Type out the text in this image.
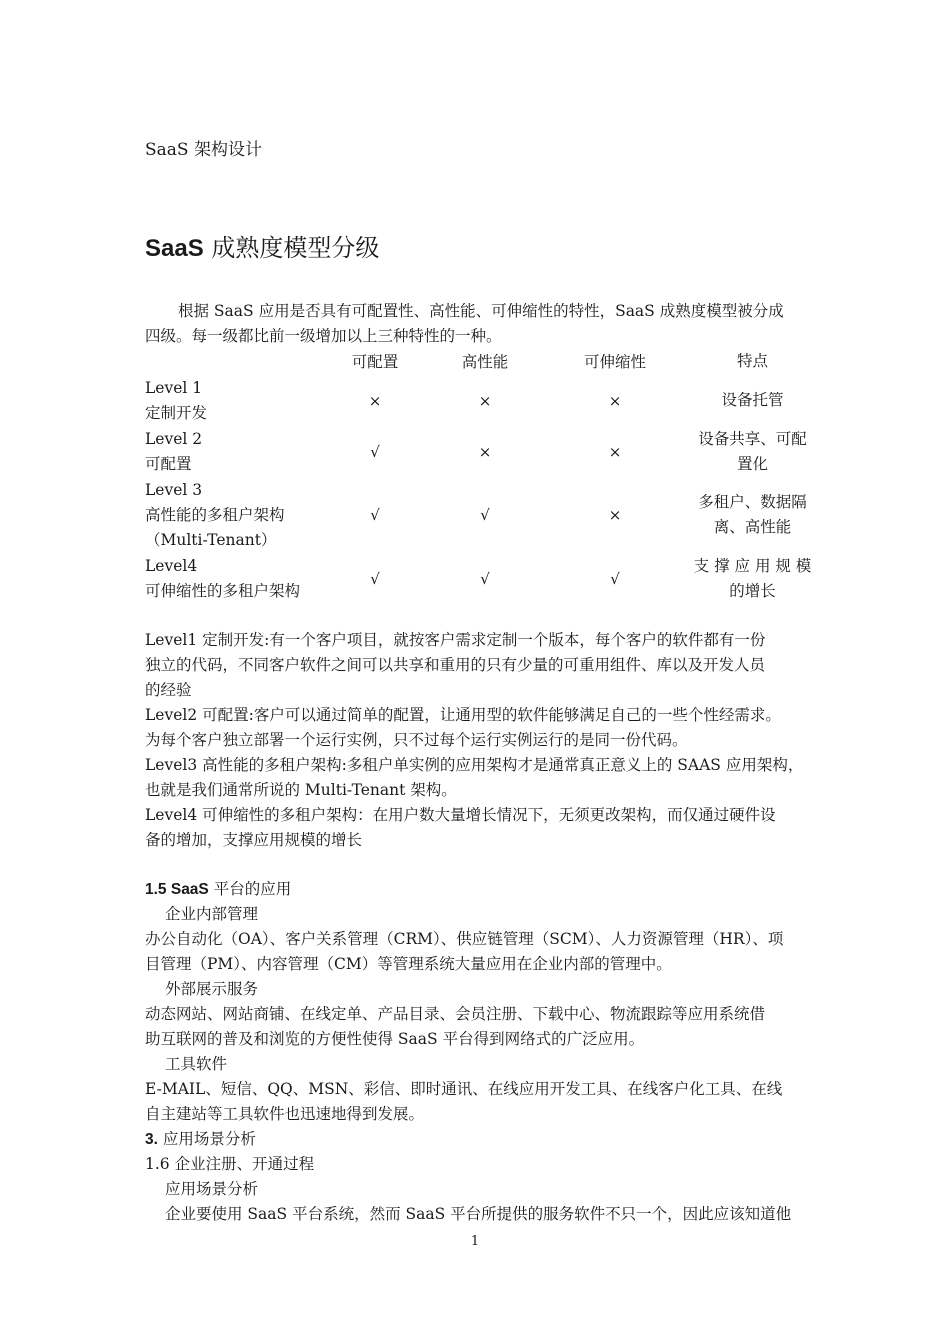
SaaS 架构设计
SaaS 成熟度模型分级
根据 SaaS 应用是否具有可配置性、高性能、可伸缩性的特性，SaaS 成熟度模型被分成
四级。每一级都比前一级增加以上三种特性的一种。
	可配置	高性能	可伸缩性	特点

Level 1
定制开发	×	×	×	设备托管

Level 2
可配置	√	×	×	设备共享、可配
置化

Level 3
高性能的多租户架构
（Multi-Tenant）	√	√	×	多租户、数据隔
离、高性能

Level4
可伸缩性的多租户架构	√	√	√	支 撑 应 用 规 模
的增长
Level1 定制开发:有一个客户项目，就按客户需求定制一个版本，每个客户的软件都有一份
独立的代码，不同客户软件之间可以共享和重用的只有少量的可重用组件、库以及开发人员
的经验
Level2 可配置:客户可以通过简单的配置，让通用型的软件能够满足自己的一些个性经需求。
为每个客户独立部署一个运行实例，只不过每个运行实例运行的是同一份代码。
Level3 高性能的多租户架构:多租户单实例的应用架构才是通常真正意义上的 SAAS 应用架构，
也就是我们通常所说的 Multi-Tenant 架构。
Level4 可伸缩性的多租户架构：在用户数大量增长情况下，无须更改架构，而仅通过硬件设
备的增加，支撑应用规模的增长
1.5 SaaS 平台的应用
企业内部管理
办公自动化（OA）、客户关系管理（CRM）、供应链管理（SCM）、人力资源管理（HR）、项
目管理（PM）、内容管理（CM）等管理系统大量应用在企业内部的管理中。
外部展示服务
动态网站、网站商铺、在线定单、产品目录、会员注册、下载中心、物流跟踪等应用系统借
助互联网的普及和浏览的方便性使得 SaaS 平台得到网络式的广泛应用。
工具软件
E-MAIL、短信、QQ、MSN、彩信、即时通讯、在线应用开发工具、在线客户化工具、在线
自主建站等工具软件也迅速地得到发展。
3. 应用场景分析
1.6 企业注册、开通过程
应用场景分析
企业要使用 SaaS 平台系统，然而 SaaS 平台所提供的服务软件不只一个，因此应该知道他
1
